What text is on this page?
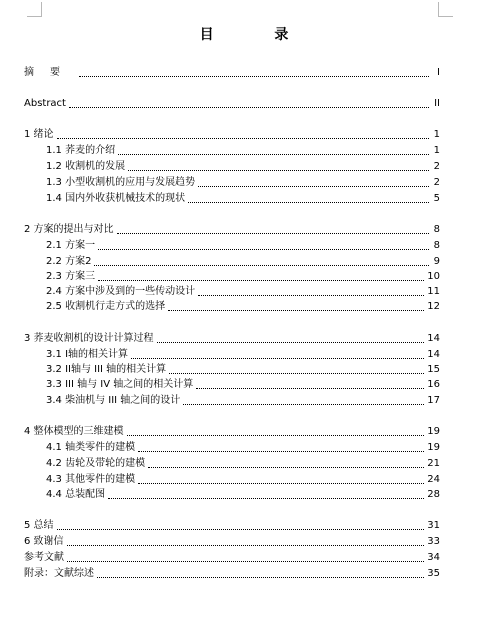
目 录
摘要	I
Abstract	II
1 绪论	1
1.1 荞麦的介绍	1
1.2 收割机的发展	2
1.3 小型收割机的应用与发展趋势	2
1.4 国内外收获机械技术的现状	5
2 方案的提出与对比	8
2.1 方案一	8
2.2 方案2	9
2.3 方案三	10
2.4 方案中涉及到的一些传动设计	11
2.5 收割机行走方式的选择	12
3 荞麦收割机的设计计算过程	14
3.1 I轴的相关计算	14
3.2 II轴与 III 轴的相关计算	15
3.3 III 轴与 IV 轴之间的相关计算	16
3.4 柴油机与 III 轴之间的设计	17
4 整体模型的三维建模	19
4.1 轴类零件的建模	19
4.2 齿轮及带轮的建模	21
4.3 其他零件的建模	24
4.4 总装配图	28
5 总结	31
6 致谢信	33
参考文献	34
附录：文献综述	35
